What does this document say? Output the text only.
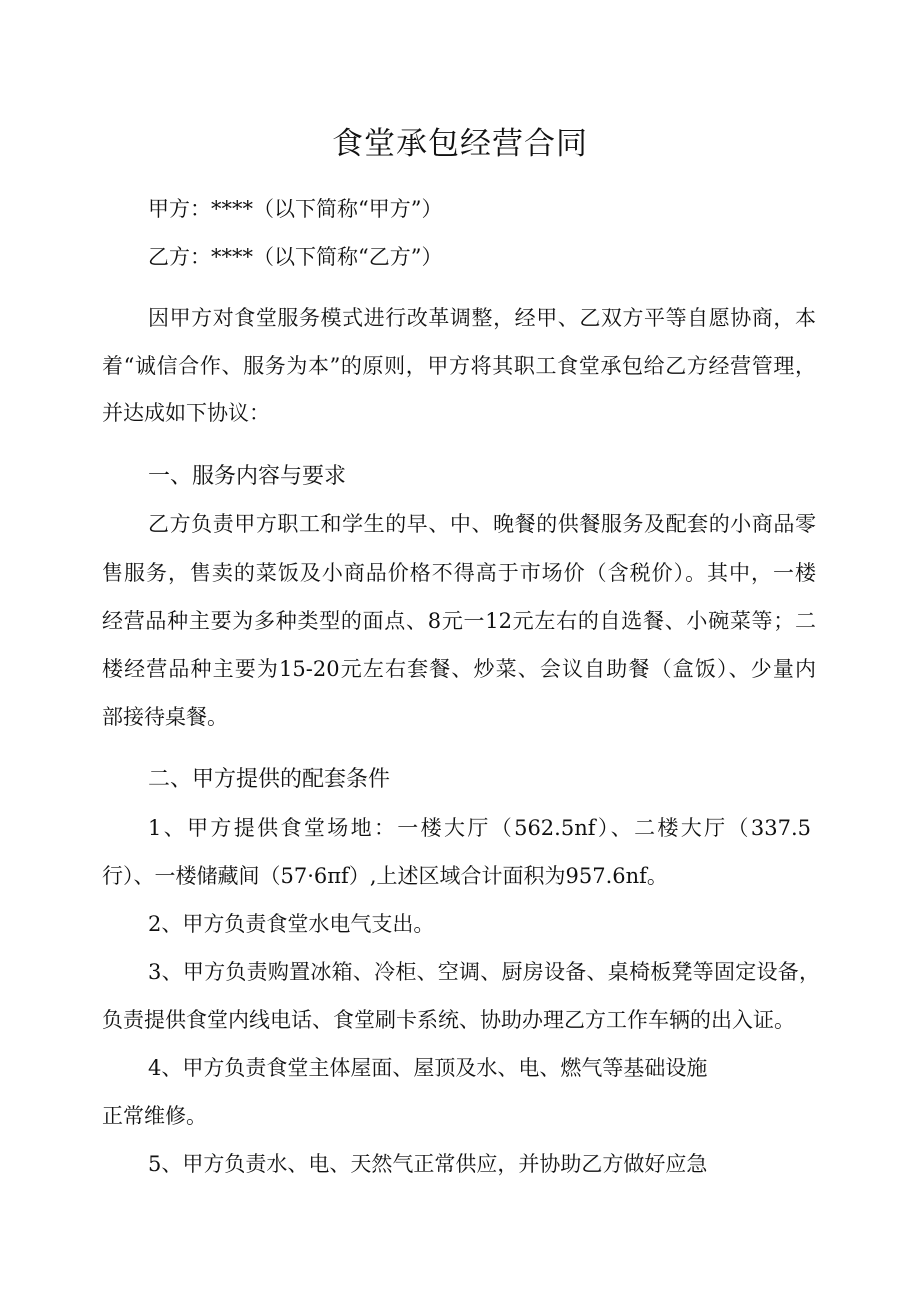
食堂承包经营合同
甲方：****（以下简称“甲方”）
乙方：****（以下简称“乙方”）
因甲方对食堂服务模式进行改革调整，经甲、乙双方平等自愿协商，本
着“诚信合作、服务为本”的原则，甲方将其职工食堂承包给乙方经营管理，
并达成如下协议：
一、服务内容与要求
乙方负责甲方职工和学生的早、中、晚餐的供餐服务及配套的小商品零
售服务，售卖的菜饭及小商品价格不得高于市场价（含税价）。其中，一楼
经营品种主要为多种类型的面点、8元一12元左右的自选餐、小碗菜等；二
楼经营品种主要为15-20元左右套餐、炒菜、会议自助餐（盒饭）、少量内
部接待桌餐。
二、甲方提供的配套条件
1、甲方提供食堂场地：一楼大厅（562.5nf）、二楼大厅（337.5
行）、一楼储藏间（57·6πf）,上述区域合计面积为957.6nf。
2、甲方负责食堂水电气支出。
3、甲方负责购置冰箱、冷柜、空调、厨房设备、桌椅板凳等固定设备，
负责提供食堂内线电话、食堂刷卡系统、协助办理乙方工作车辆的出入证。
4、甲方负责食堂主体屋面、屋顶及水、电、燃气等基础设施
正常维修。
5、甲方负责水、电、天然气正常供应，并协助乙方做好应急
